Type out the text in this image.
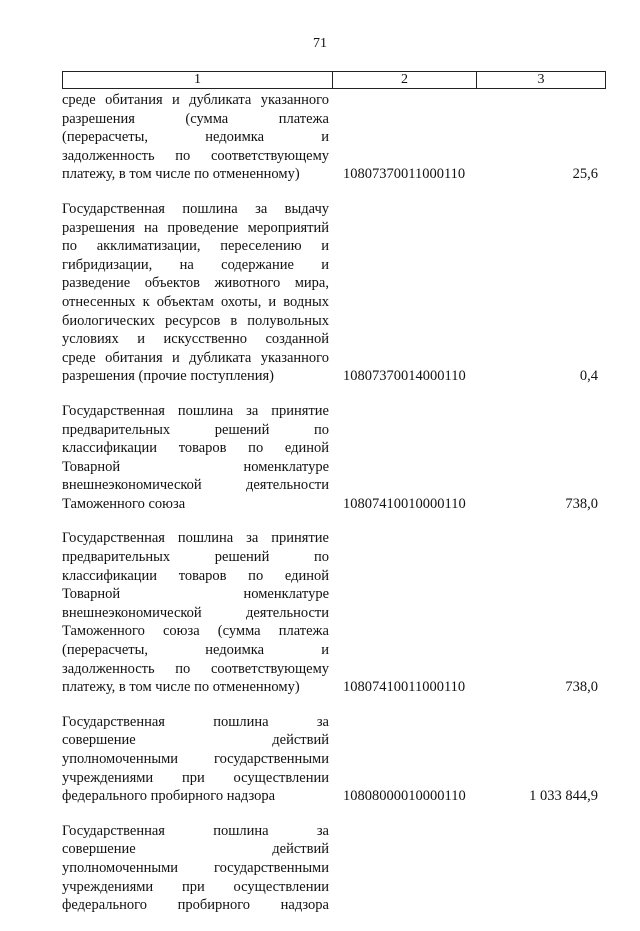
71
1	2	3
среде обитания и дубликата указанного
разрешения (сумма платежа
(перерасчеты, недоимка и
задолженность по соответствующему
платежу, в том числе по отмененному)	10807370011000110	25,6
Государственная пошлина за выдачу
разрешения на проведение мероприятий
по акклиматизации, переселению и
гибридизации, на содержание и
разведение объектов животного мира,
отнесенных к объектам охоты, и водных
биологических ресурсов в полувольных
условиях и искусственно созданной
среде обитания и дубликата указанного
разрешения (прочие поступления)	10807370014000110	0,4
Государственная пошлина за принятие
предварительных решений по
классификации товаров по единой
Товарной номенклатуре
внешнеэкономической деятельности
Таможенного союза	10807410010000110	738,0
Государственная пошлина за принятие
предварительных решений по
классификации товаров по единой
Товарной номенклатуре
внешнеэкономической деятельности
Таможенного союза (сумма платежа
(перерасчеты, недоимка и
задолженность по соответствующему
платежу, в том числе по отмененному)	10807410011000110	738,0
Государственная пошлина за
совершение действий
уполномоченными государственными
учреждениями при осуществлении
федерального пробирного надзора	10808000010000110	1 033 844,9
Государственная пошлина за
совершение действий
уполномоченными государственными
учреждениями при осуществлении
федерального пробирного надзора
